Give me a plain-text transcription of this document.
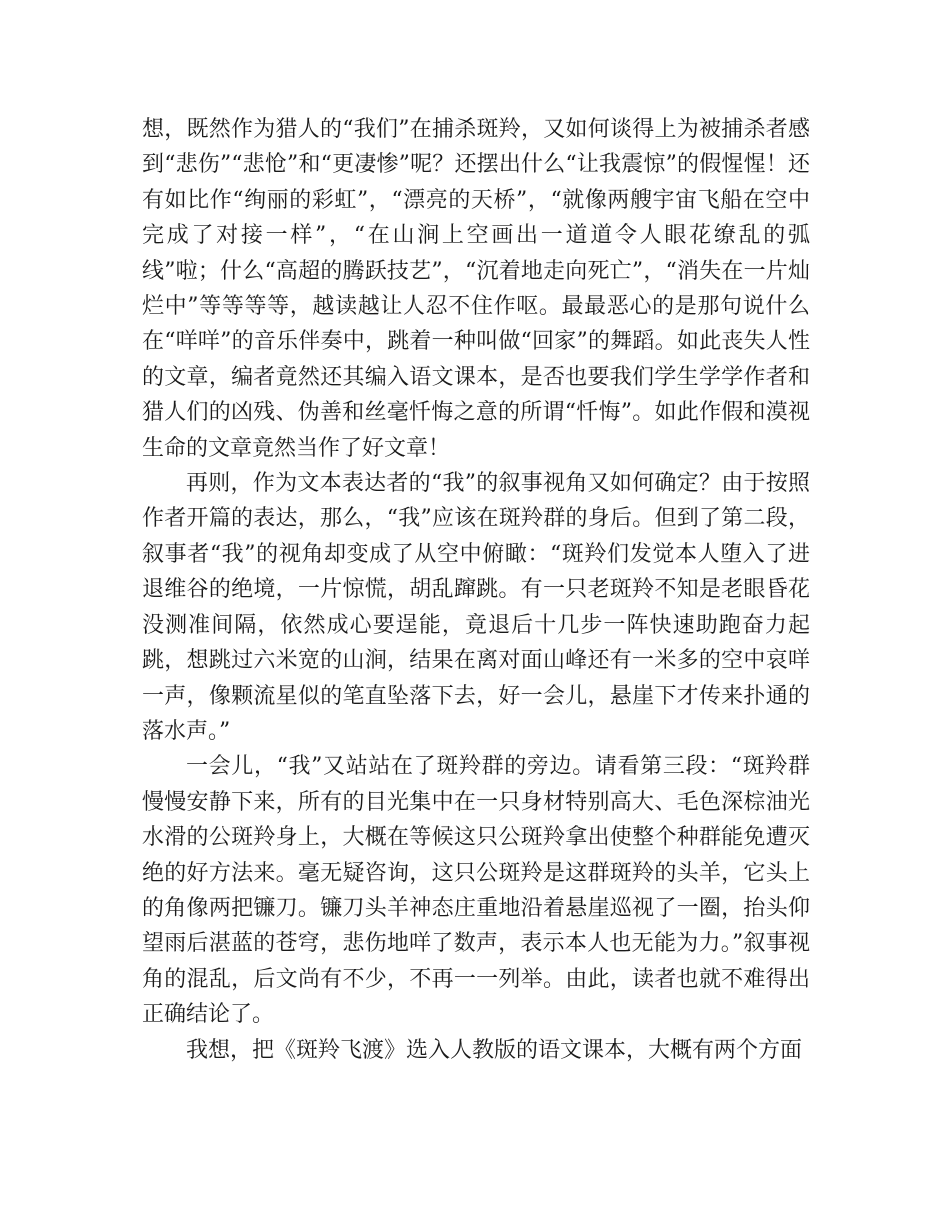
想，既然作为猎人的“我们”在捕杀斑羚，又如何谈得上为被捕杀者感到“悲伤”“悲怆”和“更凄惨”呢？还摆出什么“让我震惊”的假惺惺！还有如比作“绚丽的彩虹”，“漂亮的天桥”，“就像两艘宇宙飞船在空中完成了对接一样”，“在山涧上空画出一道道令人眼花缭乱的弧线”啦；什么“高超的腾跃技艺”，“沉着地走向死亡”，“消失在一片灿烂中”等等等等，越读越让人忍不住作呕。最最恶心的是那句说什么在“咩咩”的音乐伴奏中，跳着一种叫做“回家”的舞蹈。如此丧失人性的文章，编者竟然还其编入语文课本，是否也要我们学生学学作者和猎人们的凶残、伪善和丝毫忏悔之意的所谓“忏悔”。如此作假和漠视生命的文章竟然当作了好文章！

再则，作为文本表达者的“我”的叙事视角又如何确定？由于按照作者开篇的表达，那么，“我”应该在斑羚群的身后。但到了第二段，叙事者“我”的视角却变成了从空中俯瞰：“斑羚们发觉本人堕入了进退维谷的绝境，一片惊慌，胡乱蹿跳。有一只老斑羚不知是老眼昏花没测准间隔，依然成心要逞能，竟退后十几步一阵快速助跑奋力起跳，想跳过六米宽的山涧，结果在离对面山峰还有一米多的空中哀咩一声，像颗流星似的笔直坠落下去，好一会儿，悬崖下才传来扑通的落水声。”

一会儿，“我”又站站在了斑羚群的旁边。请看第三段：“斑羚群慢慢安静下来，所有的目光集中在一只身材特别高大、毛色深棕油光水滑的公斑羚身上，大概在等候这只公斑羚拿出使整个种群能免遭灭绝的好方法来。毫无疑咨询，这只公斑羚是这群斑羚的头羊，它头上的角像两把镰刀。镰刀头羊神态庄重地沿着悬崖巡视了一圈，抬头仰望雨后湛蓝的苍穹，悲伤地咩了数声，表示本人也无能为力。”叙事视角的混乱，后文尚有不少，不再一一列举。由此，读者也就不难得出正确结论了。

我想，把《斑羚飞渡》选入人教版的语文课本，大概有两个方面
